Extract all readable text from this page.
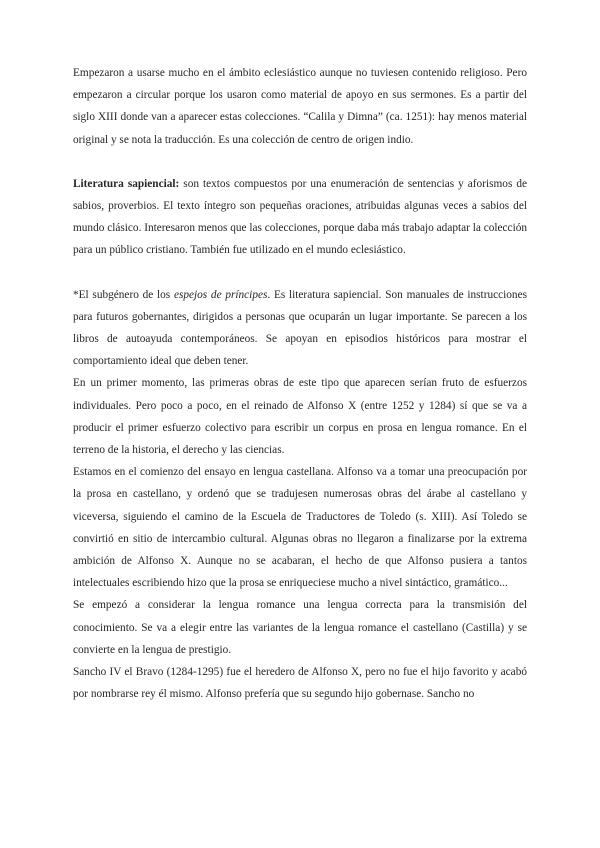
Empezaron a usarse mucho en el ámbito eclesiástico aunque no tuviesen contenido religioso. Pero empezaron a circular porque los usaron como material de apoyo en sus sermones. Es a partir del siglo XIII donde van a aparecer estas colecciones. “Calila y Dimna” (ca. 1251): hay menos material original y se nota la traducción. Es una colección de centro de origen indio.

Literatura sapiencial: son textos compuestos por una enumeración de sentencias y aforismos de sabios, proverbios. El texto íntegro son pequeñas oraciones, atribuidas algunas veces a sabios del mundo clásico. Interesaron menos que las colecciones, porque daba más trabajo adaptar la colección para un público cristiano. También fue utilizado en el mundo eclesiástico.

*El subgénero de los espejos de príncipes. Es literatura sapiencial. Son manuales de instrucciones para futuros gobernantes, dirigidos a personas que ocuparán un lugar importante. Se parecen a los libros de autoayuda contemporáneos. Se apoyan en episodios históricos para mostrar el comportamiento ideal que deben tener.

En un primer momento, las primeras obras de este tipo que aparecen serían fruto de esfuerzos individuales. Pero poco a poco, en el reinado de Alfonso X (entre 1252 y 1284) sí que se va a producir el primer esfuerzo colectivo para escribir un corpus en prosa en lengua romance. En el terreno de la historia, el derecho y las ciencias.

Estamos en el comienzo del ensayo en lengua castellana. Alfonso va a tomar una preocupación por la prosa en castellano, y ordenó que se tradujesen numerosas obras del árabe al castellano y viceversa, siguiendo el camino de la Escuela de Traductores de Toledo (s. XIII). Así Toledo se convirtió en sitio de intercambio cultural. Algunas obras no llegaron a finalizarse por la extrema ambición de Alfonso X. Aunque no se acabaran, el hecho de que Alfonso pusiera a tantos intelectuales escribiendo hizo que la prosa se enriqueciese mucho a nivel sintáctico, gramático...

Se empezó a considerar la lengua romance una lengua correcta para la transmisión del conocimiento. Se va a elegir entre las variantes de la lengua romance el castellano (Castilla) y se convierte en la lengua de prestigio.

Sancho IV el Bravo (1284-1295) fue el heredero de Alfonso X, pero no fue el hijo favorito y acabó por nombrarse rey él mismo. Alfonso prefería que su segundo hijo gobernase. Sancho no
